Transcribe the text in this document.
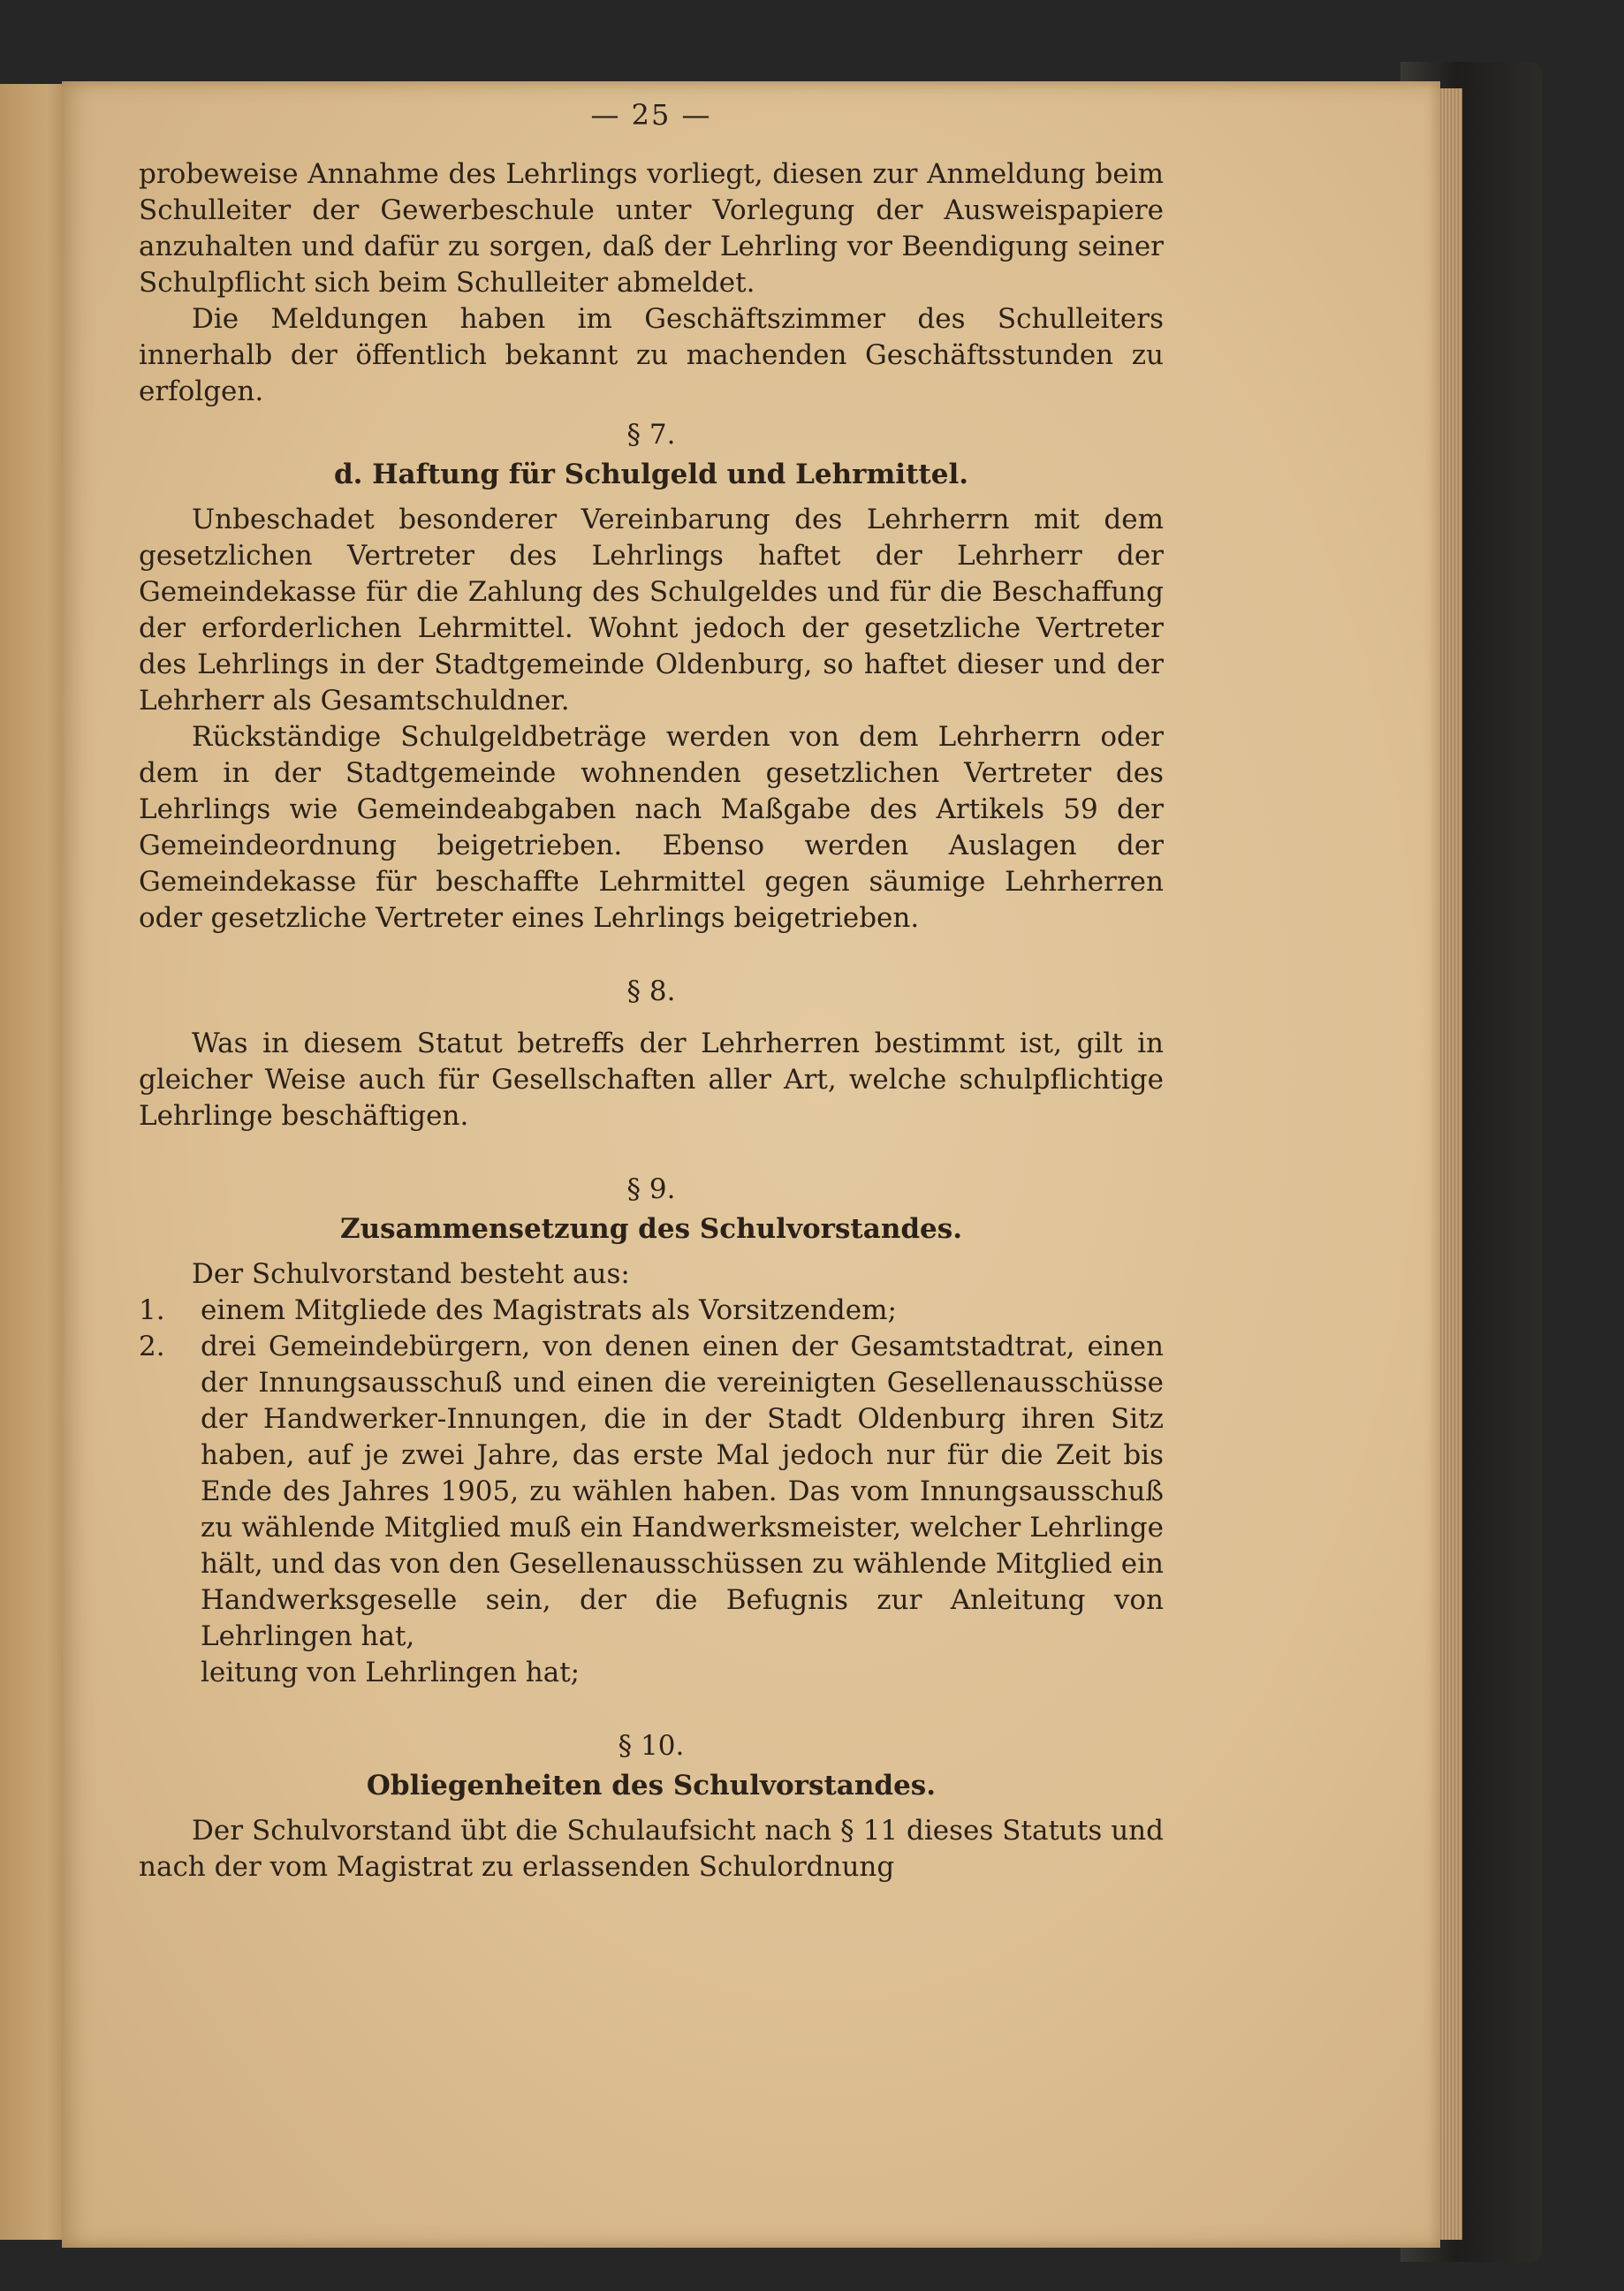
— 25 —

probeweise Annahme des Lehrlings vorliegt, diesen zur Anmeldung beim Schulleiter der Gewerbeschule unter Vorlegung der Ausweispapiere anzuhalten und dafür zu sorgen, daß der Lehrling vor Beendigung seiner Schulpflicht sich beim Schulleiter abmeldet.

Die Meldungen haben im Geschäftszimmer des Schulleiters innerhalb der öffentlich bekannt zu machenden Geschäftsstunden zu erfolgen.

§ 7.
d. Haftung für Schulgeld und Lehrmittel.

Unbeschadet besonderer Vereinbarung des Lehrherrn mit dem gesetzlichen Vertreter des Lehrlings haftet der Lehrherr der Gemeindekasse für die Zahlung des Schulgeldes und für die Beschaffung der erforderlichen Lehrmittel. Wohnt jedoch der gesetzliche Vertreter des Lehrlings in der Stadtgemeinde Oldenburg, so haftet dieser und der Lehrherr als Gesamtschuldner.

Rückständige Schulgeldbeträge werden von dem Lehrherrn oder dem in der Stadtgemeinde wohnenden gesetzlichen Vertreter des Lehrlings wie Gemeindeabgaben nach Maßgabe des Artikels 59 der Gemeindeordnung beigetrieben. Ebenso werden Auslagen der Gemeindekasse für beschaffte Lehrmittel gegen säumige Lehrherren oder gesetzliche Vertreter eines Lehrlings beigetrieben.

§ 8.

Was in diesem Statut betreffs der Lehrherren bestimmt ist, gilt in gleicher Weise auch für Gesellschaften aller Art, welche schulpflichtige Lehrlinge beschäftigen.

§ 9.
Zusammensetzung des Schulvorstandes.

Der Schulvorstand besteht aus:

1.	einem Mitgliede des Magistrats als Vorsitzendem;
2.	drei Gemeindebürgern, von denen einen der Gesamtstadtrat, einen der Innungsausschuß und einen die vereinigten Gesellenausschüsse der Handwerker-Innungen, die in der Stadt Oldenburg ihren Sitz haben, auf je zwei Jahre, das erste Mal jedoch nur für die Zeit bis Ende des Jahres 1905, zu wählen haben. Das vom Innungsausschuß zu wählende Mitglied muß ein Handwerksmeister, welcher Lehrlinge hält, und das von den Gesellenausschüssen zu wählende Mitglied ein Handwerksgeselle sein, der die Befugnis zur Anleitung von Lehrlingen hat,

leitung von Lehrlingen hat;

§ 10.
Obliegenheiten des Schulvorstandes.

Der Schulvorstand übt die Schulaufsicht nach § 11 dieses Statuts und nach der vom Magistrat zu erlassenden Schulordnung
